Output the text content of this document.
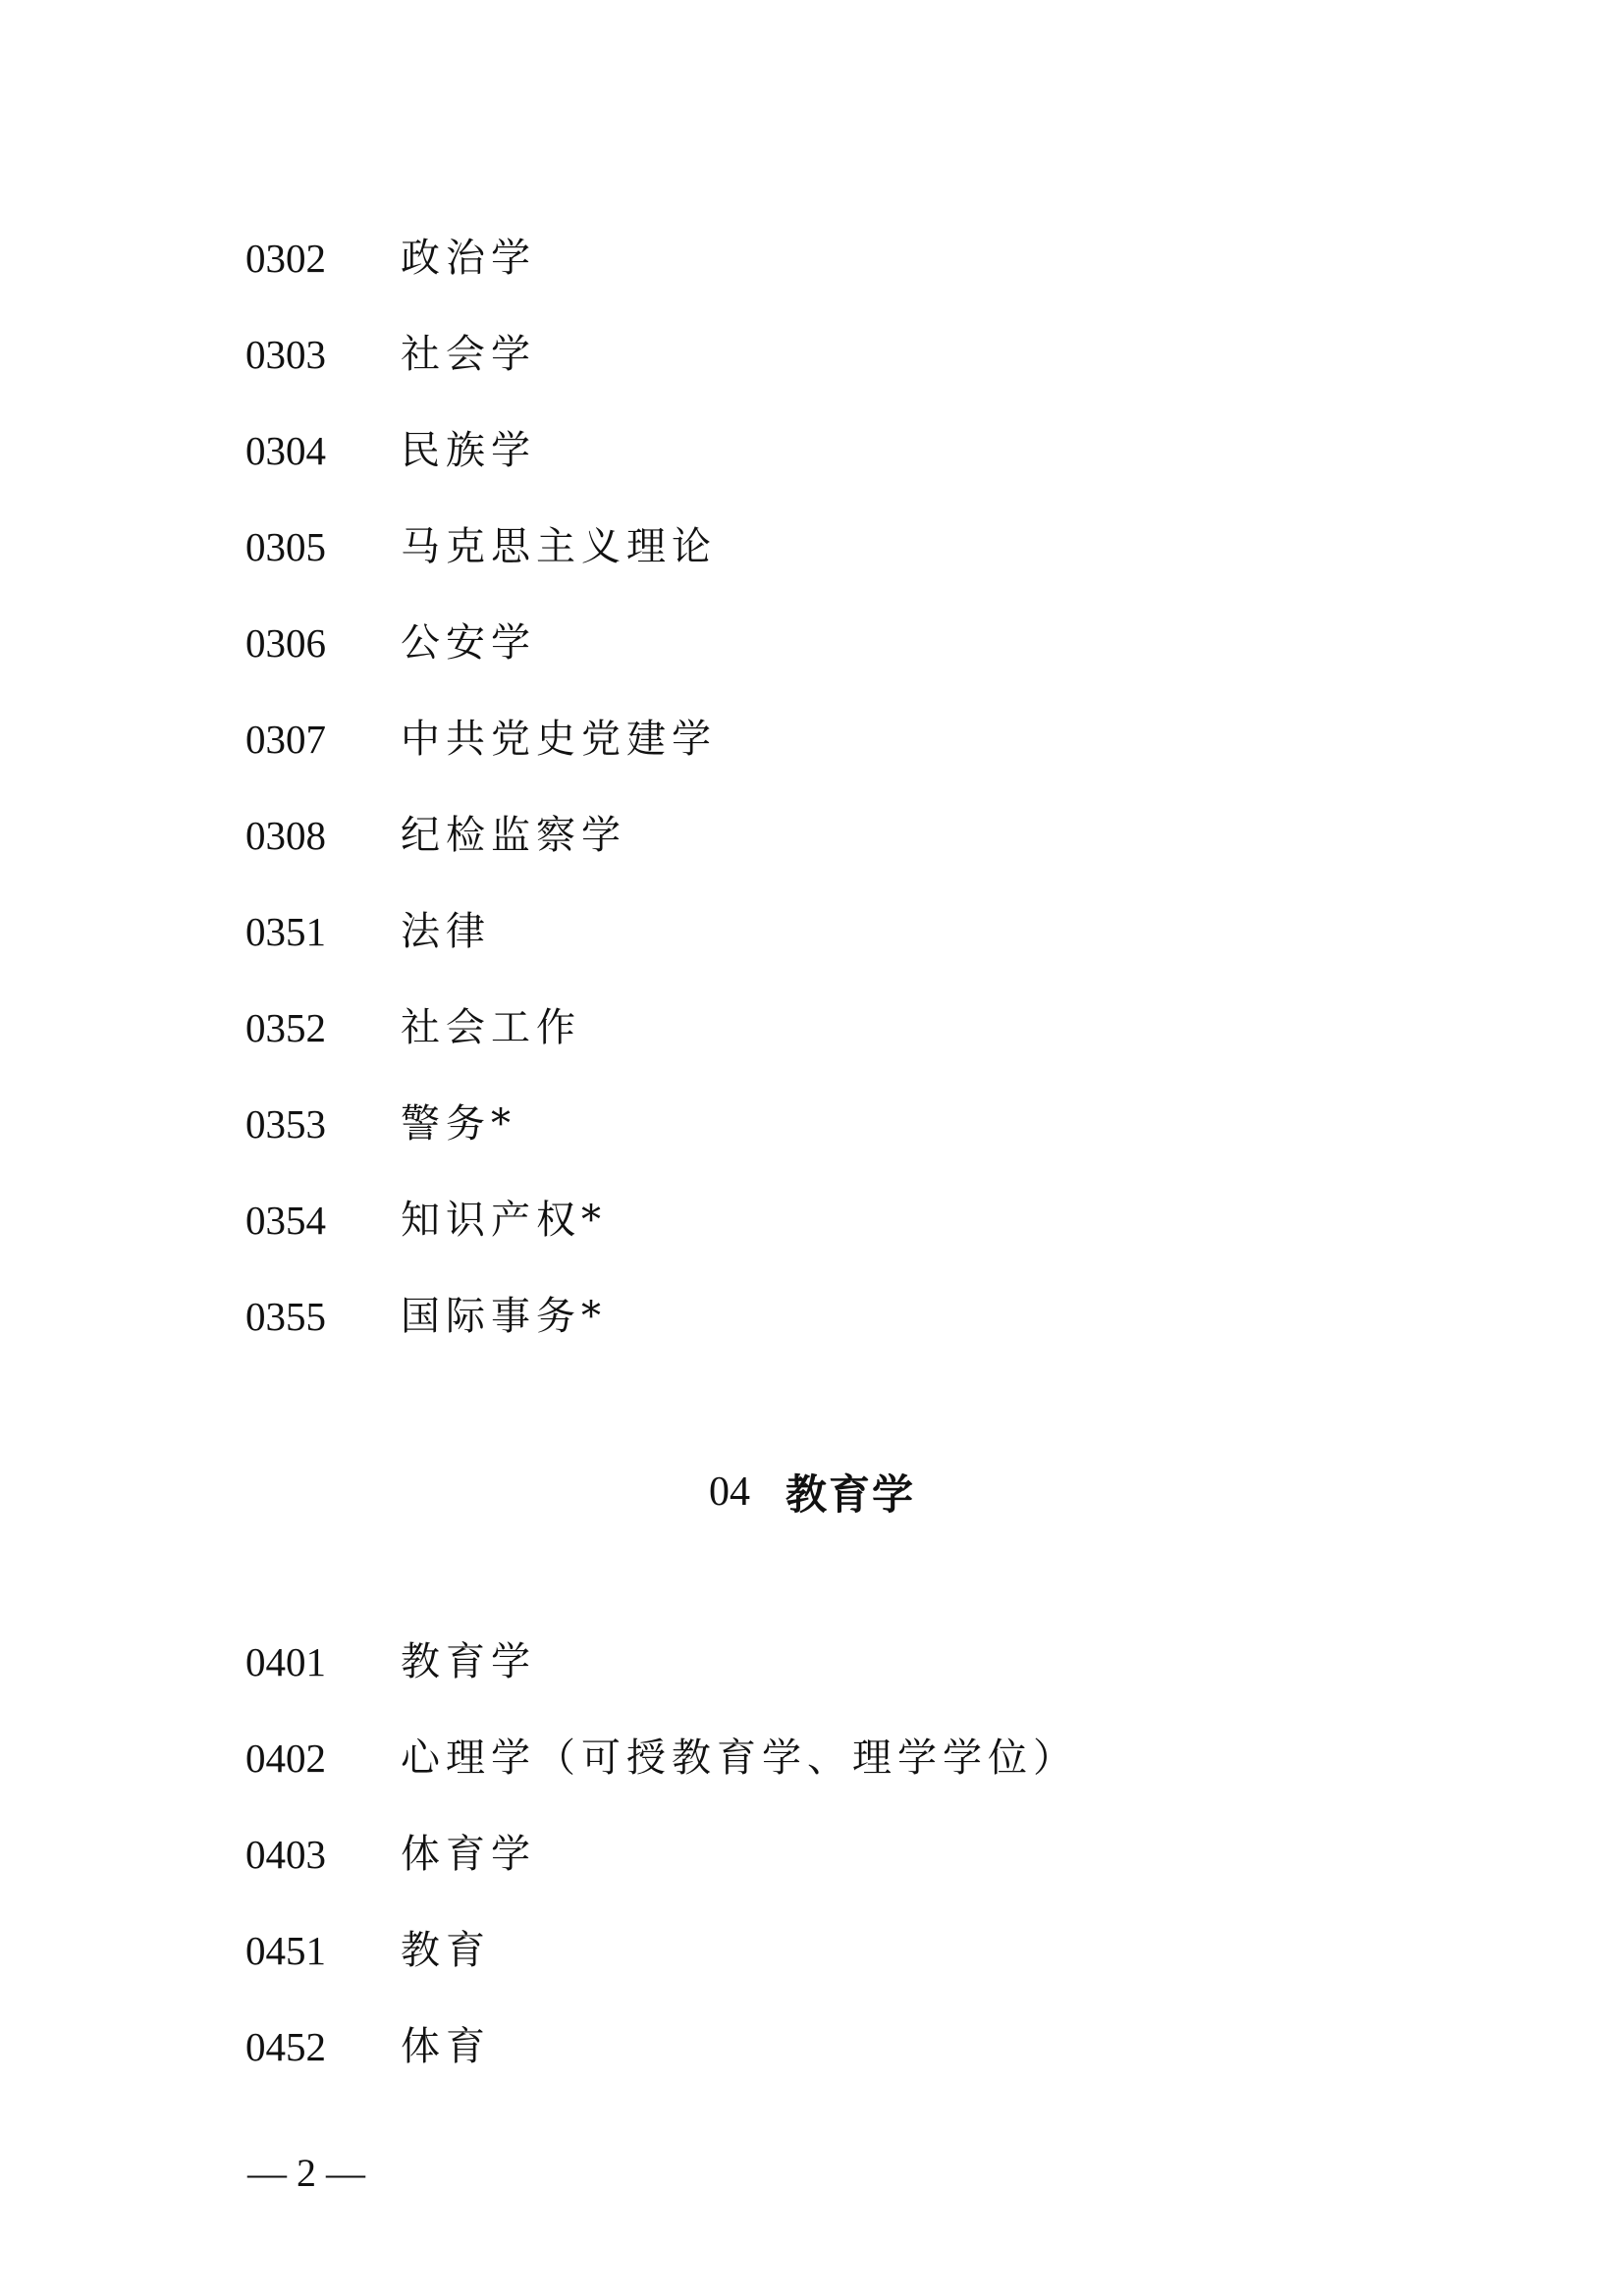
0302	政治学
0303	社会学
0304	民族学
0305	马克思主义理论
0306	公安学
0307	中共党史党建学
0308	纪检监察学
0351	法律
0352	社会工作
0353	警务*
0354	知识产权*
0355	国际事务*
04 教育学
0401	教育学
0402	心理学（可授教育学、理学学位）
0403	体育学
0451	教育
0452	体育
— 2 —
